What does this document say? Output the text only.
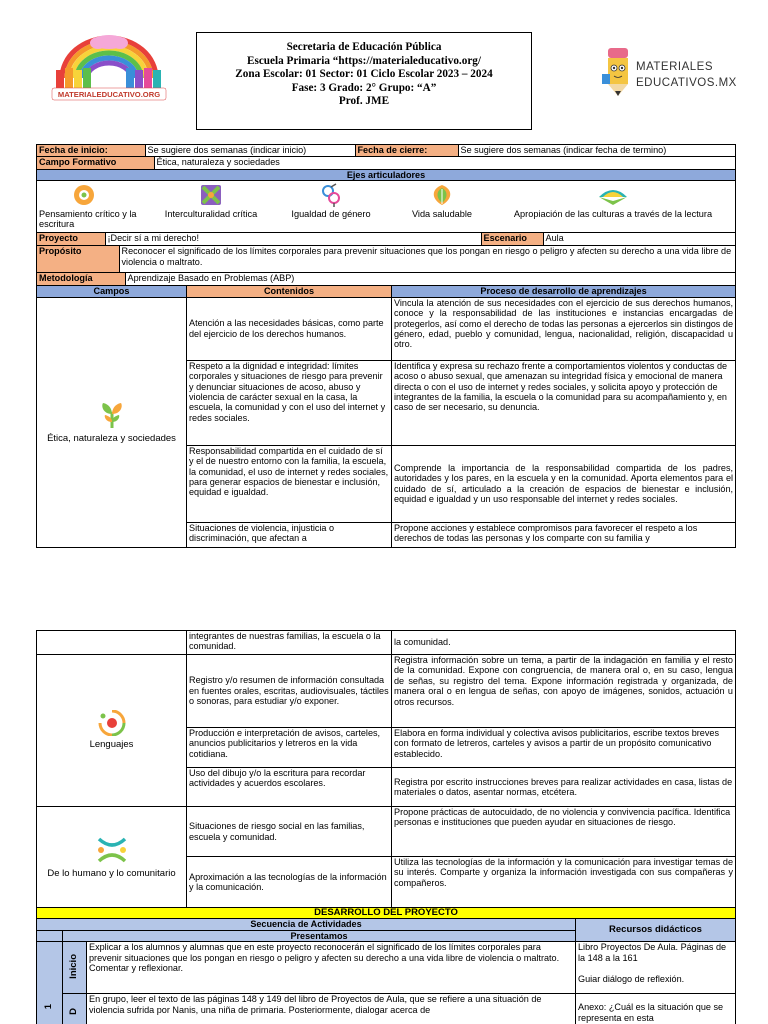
MATERIALEDUCATIVO.ORG
Secretaria de Educación Pública
Escuela Primaria “https://materialeducativo.org/
Zona Escolar: 01 Sector: 01 Ciclo Escolar 2023 – 2024
Fase: 3 Grado: 2° Grupo: “A”
Prof. JME
MATERIALES
EDUCATIVOS.MX
Fecha de inicio:	Se sugiere dos semanas (indicar inicio)	Fecha de cierre:	Se sugiere dos semanas (indicar fecha de termino)

Campo Formativo	Ética, naturaleza y sociedades

Ejes articuladores

Pensamiento crítico y la escritura
Interculturalidad crítica	Igualdad de género	Vida saludable	Apropiación de las culturas a través de la lectura

Proyecto	¡Decir sí a mi derecho!	Escenario	Aula

Propósito	Reconocer el significado de los límites corporales para prevenir situaciones que los pongan en riesgo o peligro y afecten su derecho a una vida libre de violencia o maltrato.

Metodología	Aprendizaje Basado en Problemas (ABP)

Campos	Contenidos	Proceso de desarrollo de aprendizajes

Ética, naturaleza y sociedades	Atención a las necesidades básicas, como parte del ejercicio de los derechos humanos.	Vincula la atención de sus necesidades con el ejercicio de sus derechos humanos, conoce y la responsabilidad de las instituciones e instancias encargadas de protegerlos, así como el derecho de todas las personas a ejercerlos sin distingos de género, edad, pueblo y comunidad, lengua, nacionalidad, religión, discapacidad u otro.
Respeto a la dignidad e integridad: límites corporales y situaciones de riesgo para prevenir y denunciar situaciones de acoso, abuso y violencia de carácter sexual en la casa, la escuela, la comunidad y con el uso del internet y redes sociales.	Identifica y expresa su rechazo frente a comportamientos violentos y conductas de acoso o abuso sexual, que amenazan su integridad física y emocional de manera directa o con el uso de internet y redes sociales, y solicita apoyo y protección de integrantes de la familia, la escuela o la comunidad para su acompañamiento y, en caso de ser necesario, su denuncia.
Responsabilidad compartida en el cuidado de sí y el de nuestro entorno con la familia, la escuela, la comunidad, el uso de internet y redes sociales, para generar espacios de bienestar e inclusión, equidad e igualdad.	Comprende la importancia de la responsabilidad compartida de los padres, autoridades y los pares, en la escuela y en la comunidad. Aporta elementos para el cuidado de sí, articulado a la creación de espacios de bienestar e inclusión, equidad e igualdad y un uso responsable del internet y redes sociales.
Situaciones de violencia, injusticia o discriminación, que afectan a	Propone acciones y establece compromisos para favorecer el respeto a los derechos de todas las personas y los comparte con su familia y
	integrantes de nuestras familias, la escuela o la comunidad.	la comunidad.

Lenguajes	Registro y/o resumen de información consultada en fuentes orales, escritas, audiovisuales, táctiles o sonoras, para estudiar y/o exponer.	Registra información sobre un tema, a partir de la indagación en familia y el resto de la comunidad. Expone con congruencia, de manera oral o, en su caso, lengua de señas, su registro del tema. Expone información registrada y organizada, de manera oral o en lengua de señas, con apoyo de imágenes, sonidos, actuación u otros recursos.
	Producción e interpretación de avisos, carteles, anuncios publicitarios y letreros en la vida cotidiana.	Elabora en forma individual y colectiva avisos publicitarios, escribe textos breves con formato de letreros, carteles y avisos a partir de un propósito comunicativo establecido.
	Uso del dibujo y/o la escritura para recordar actividades y acuerdos escolares.	Registra por escrito instrucciones breves para realizar actividades en casa, listas de materiales o datos, asentar normas, etcétera.

De lo humano y lo comunitario	Situaciones de riesgo social en las familias, escuela y comunidad.	Propone prácticas de autocuidado, de no violencia y convivencia pacífica. Identifica personas e instituciones que pueden ayudar en situaciones de riesgo.
	Aproximación a las tecnologías de la información y la comunicación.	Utiliza las tecnologías de la información y la comunicación para investigar temas de su interés. Comparte y organiza la información investigada con sus compañeras y compañeros.
DESARROLLO DEL PROYECTO			
Secuencia de Actividades			Recursos didácticos
	Presentamos		
1	Inicio	Explicar a los alumnos y alumnas que en este proyecto reconocerán el significado de los límites corporales para prevenir situaciones que los pongan en riesgo o peligro y afecten su derecho a una vida libre de violencia o maltrato. Comentar y reflexionar.	Libro Proyectos De Aula. Páginas de la 148 a la 161
Guiar diálogo de reflexión.

	D	En grupo, leer el texto de las páginas 148 y 149 del libro de Proyectos de Aula, que se refiere a una situación de violencia sufrida por Nanis, una niña de primaria. Posteriormente, dialogar acerca de	Anexo: ¿Cuál es la situación que se representa en esta
